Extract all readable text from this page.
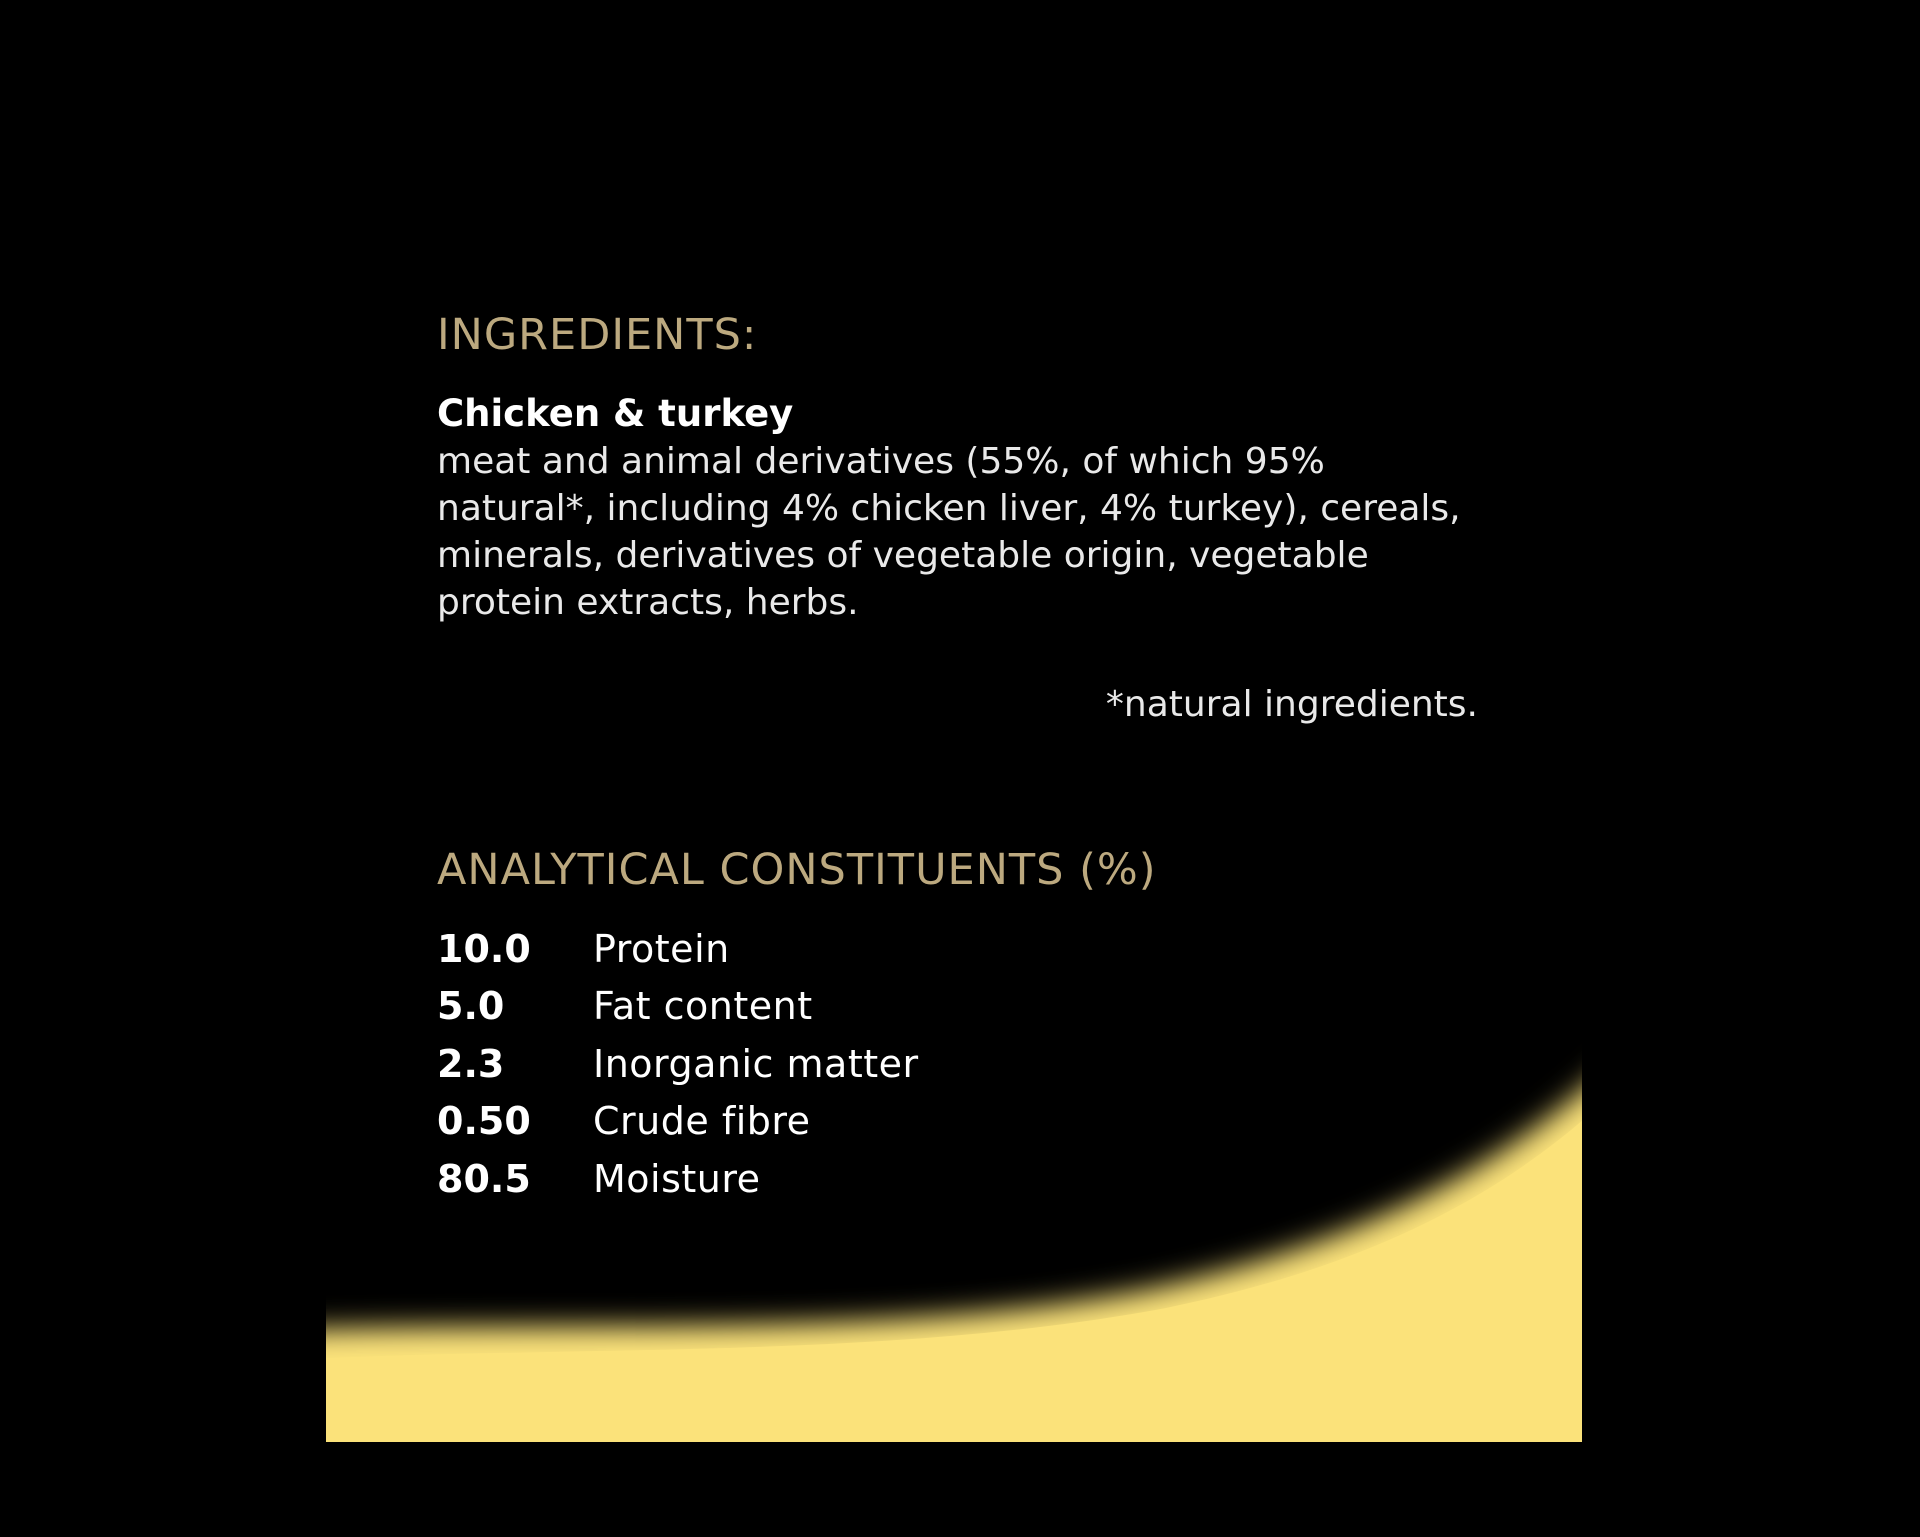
INGREDIENTS:
Chicken & turkey
meat and animal derivatives (55%, of which 95% natural*, including 4% chicken liver, 4% turkey), cereals, minerals, derivatives of vegetable origin, vegetable protein extracts, herbs.
*natural ingredients.
ANALYTICAL CONSTITUENTS (%)
10.0	Protein
5.0	Fat content
2.3	Inorganic matter
0.50	Crude fibre
80.5	Moisture
